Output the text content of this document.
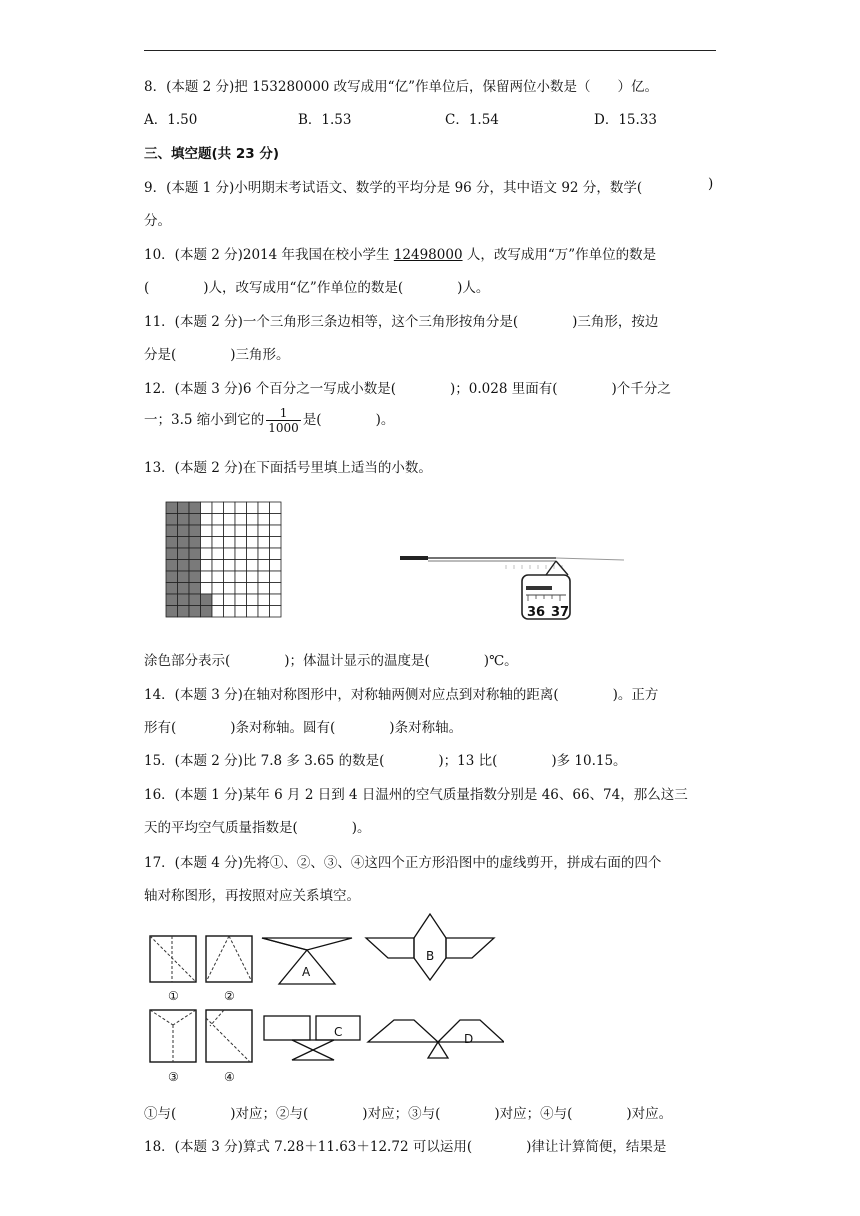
8．(本题 2 分)把 153280000 改写成用“亿”作单位后，保留两位小数是（　　）亿。
A．1.50	B．1.53	C．1.54	D．15.33
三、填空题(共 23 分)
9．(本题 1 分)小明期末考试语文、数学的平均分是 96 分，其中语文 92 分，数学(	)
分。
10．(本题 2 分)2014 年我国在校小学生 12498000 人，改写成用“万”作单位的数是
(　　　　)人，改写成用“亿”作单位的数是(　　　　)人。
11．(本题 2 分)一个三角形三条边相等，这个三角形按角分是(　　　　)三角形，按边
分是(　　　　)三角形。
12．(本题 3 分)6 个百分之一写成小数是(　　　　)；0.028 里面有(　　　　)个千分之
一；3.5 缩小到它的 $\frac{1}{1000}$ 是(　　　　)。
13．(本题 2 分)在下面括号里填上适当的小数。
36 37
涂色部分表示(　　　　)；体温计显示的温度是(　　　　)℃。
14．(本题 3 分)在轴对称图形中，对称轴两侧对应点到对称轴的距离(　　　　)。正方
形有(　　　　)条对称轴。圆有(　　　　)条对称轴。
15．(本题 2 分)比 7.8 多 3.65 的数是(　　　　)；13 比(　　　　)多 10.15。
16．(本题 1 分)某年 6 月 2 日到 4 日温州的空气质量指数分别是 46、66、74，那么这三
天的平均空气质量指数是(　　　　)。
17．(本题 4 分)先将①、②、③、④这四个正方形沿图中的虚线剪开，拼成右面的四个
轴对称图形，再按照对应关系填空。
①	②
A
B
③	④
C	D
①与(　　　　)对应；②与(　　　　)对应；③与(　　　　)对应；④与(　　　　)对应。
18．(本题 3 分)算式 7.28＋11.63＋12.72 可以运用(　　　　)律让计算简便，结果是
